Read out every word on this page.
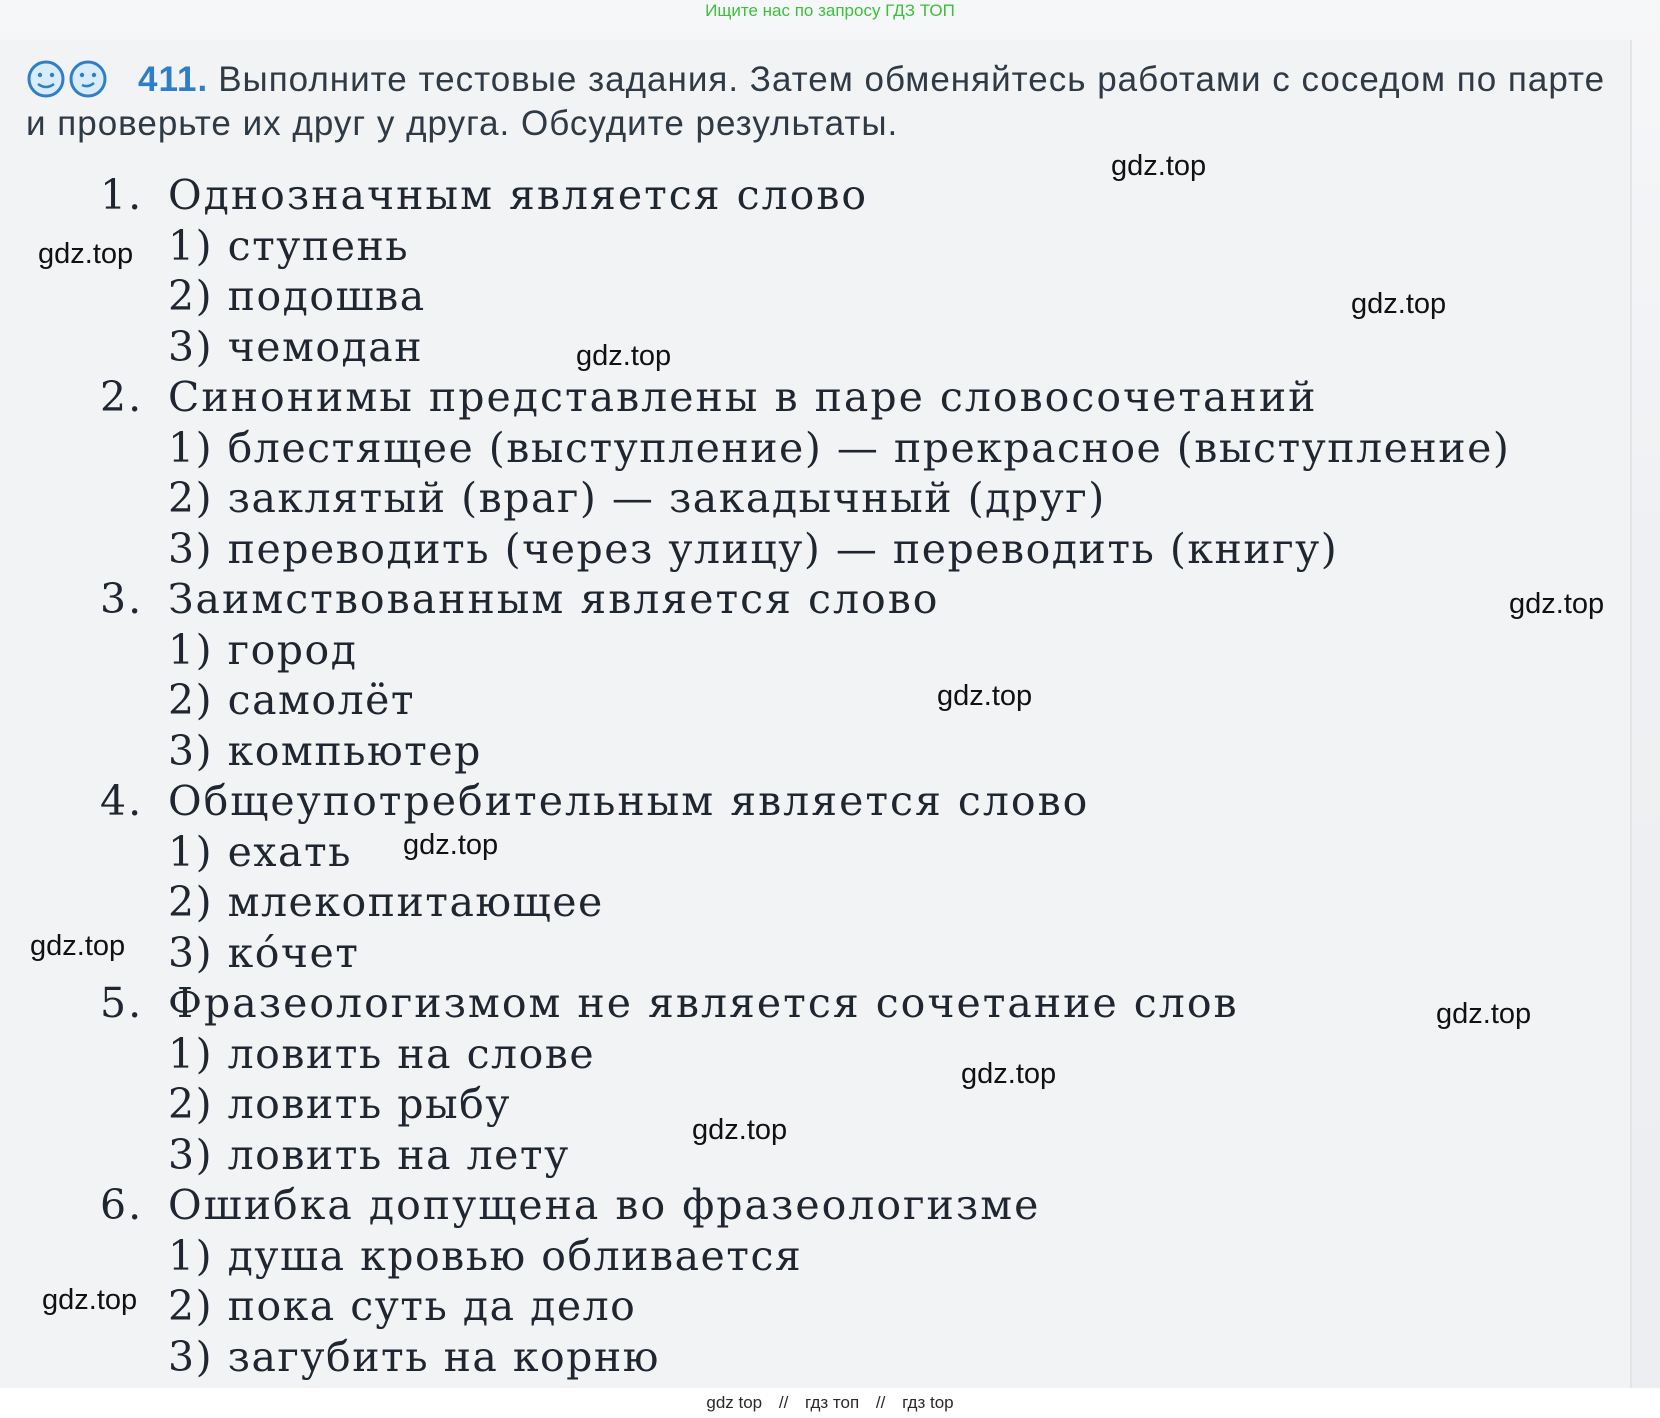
Ищите нас по запросу ГДЗ ТОП
411. Выполните тестовые задания. Затем обменяйтесь работами с соседом по парте и проверьте их друг у друга. Обсудите результаты.
1. Однозначным является слово
1) ступень
2) подошва
3) чемодан
2. Синонимы представлены в паре словосочетаний
1) блестящее (выступление) — прекрасное (выступление)
2) заклятый (враг) — закадычный (друг)
3) переводить (через улицу) — переводить (книгу)
3. Заимствованным является слово
1) город
2) самолёт
3) компьютер
4. Общеупотребительным является слово
1) ехать
2) млекопитающее
3) кóчет
5. Фразеологизмом не является сочетание слов
1) ловить на слове
2) ловить рыбу
3) ловить на лету
6. Ошибка допущена во фразеологизме
1) душа кровью обливается
2) пока суть да дело
3) загубить на корню
gdz.top
gdz.top
gdz.top
gdz.top
gdz.top
gdz.top
gdz.top
gdz.top
gdz.top
gdz.top
gdz.top
gdz.top
gdz top // гдз топ // гдз top
